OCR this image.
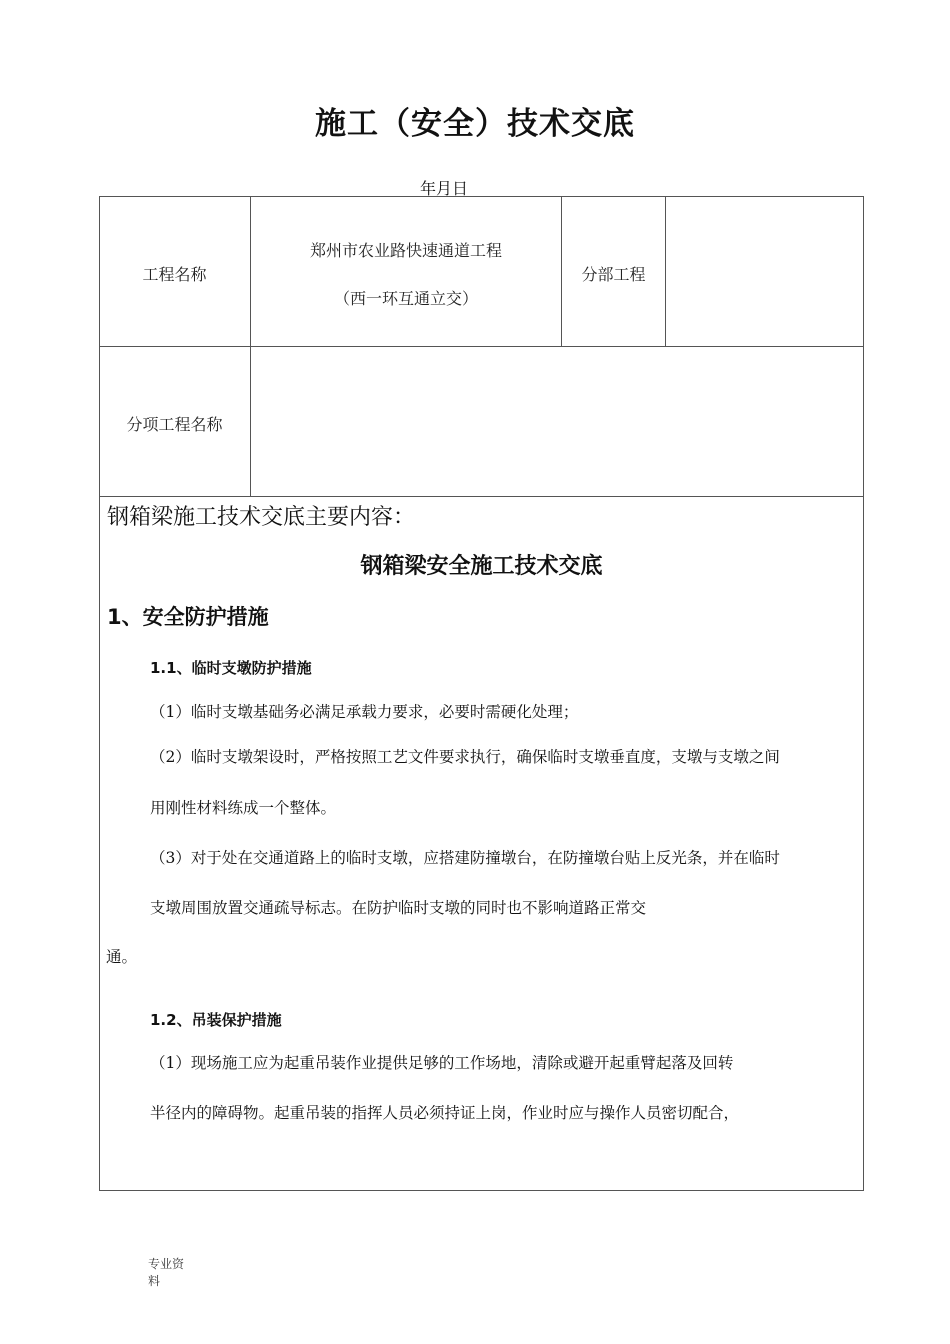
施工（安全）技术交底
年月日
工程名称
郑州市农业路快速通道工程
（西一环互通立交）
分部工程
分项工程名称
钢箱梁施工技术交底主要内容：
钢箱梁安全施工技术交底
1、安全防护措施
1.1、临时支墩防护措施
（1）临时支墩基础务必满足承载力要求，必要时需硬化处理；
（2）临时支墩架设时，严格按照工艺文件要求执行，确保临时支墩垂直度，支墩与支墩之间
用刚性材料练成一个整体。
（3）对于处在交通道路上的临时支墩，应搭建防撞墩台，在防撞墩台贴上反光条，并在临时
支墩周围放置交通疏导标志。在防护临时支墩的同时也不影响道路正常交
通。
1.2、吊装保护措施
（1）现场施工应为起重吊装作业提供足够的工作场地，清除或避开起重臂起落及回转
半径内的障碍物。起重吊装的指挥人员必须持证上岗，作业时应与操作人员密切配合，
专业资
料
